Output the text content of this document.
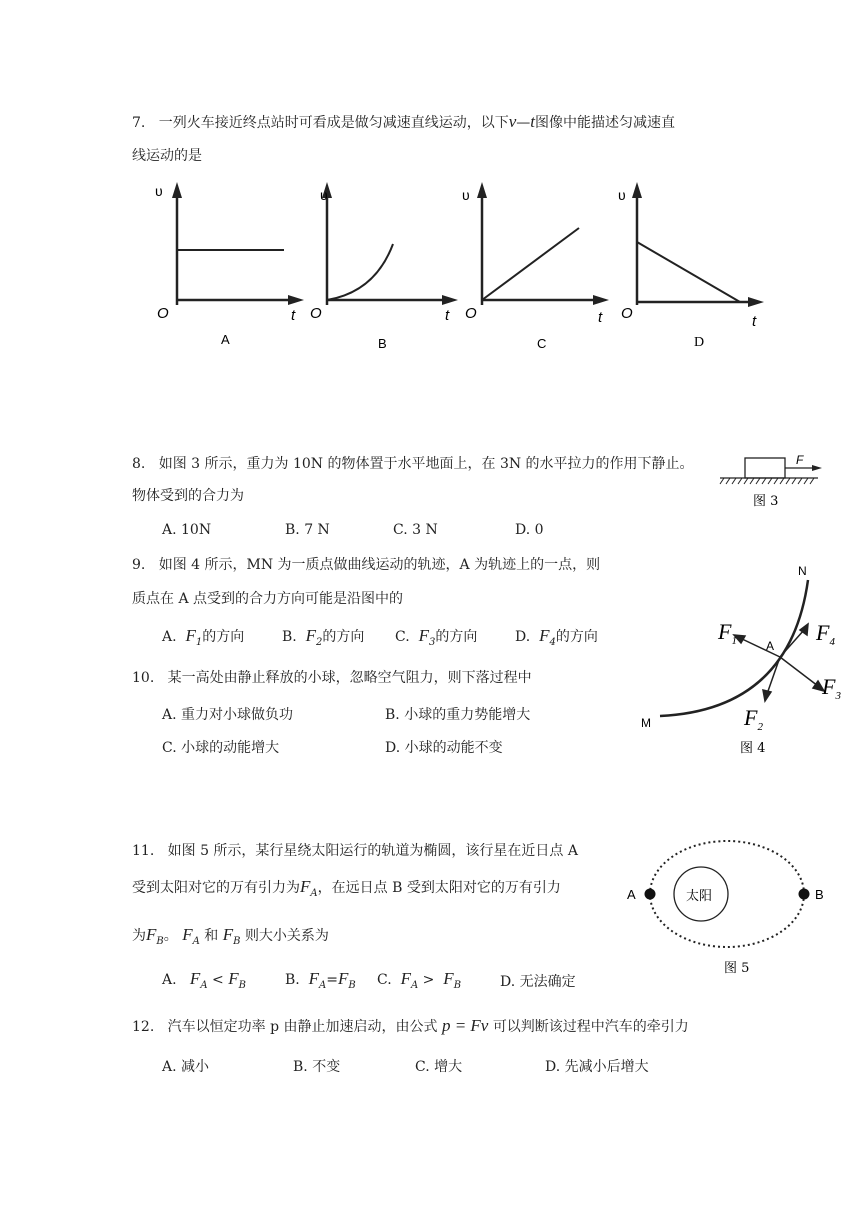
7. 一列火车接近终点站时可看成是做匀减速直线运动，以下v—t图像中能描述匀减速直
线运动的是
υ
O	t
A
υ
O	t
B
υ
O	t
C
υ
O	t
D
8. 如图 3 所示，重力为 10N 的物体置于水平地面上，在 3N 的水平拉力的作用下静止。
物体受到的合力为
A. 10N	B. 7 N	C. 3 N	D. 0
F
图 3
9. 如图 4 所示，MN 为一质点做曲线运动的轨迹，A 为轨迹上的一点，则
质点在 A 点受到的合力方向可能是沿图中的
A. $F_1$的方向	B. $F_2$的方向 C. $F_3$的方向	D. $F_4$的方向
N
M
A
$F_1$	$F_4$
$F_3$
$F_2$
图 4
10. 某一高处由静止释放的小球，忽略空气阻力，则下落过程中
A. 重力对小球做负功	B. 小球的重力势能增大
C. 小球的动能增大	D. 小球的动能不变
11. 如图 5 所示，某行星绕太阳运行的轨道为椭圆，该行星在近日点 A
受到太阳对它的万有引力为$F_A$，在远日点 B 受到太阳对它的万有引力
为$F_B$。 $F_A$ 和 $F_B$ 则大小关系为
A. $F_A < F_B$	B. $F_A=F_B$ C. $F_A > F_B$	D. 无法确定
太阳
A	B
图 5
12. 汽车以恒定功率 p 由静止加速启动，由公式 p = Fv 可以判断该过程中汽车的牵引力
A. 减小	B. 不变	C. 增大	D. 先减小后增大
